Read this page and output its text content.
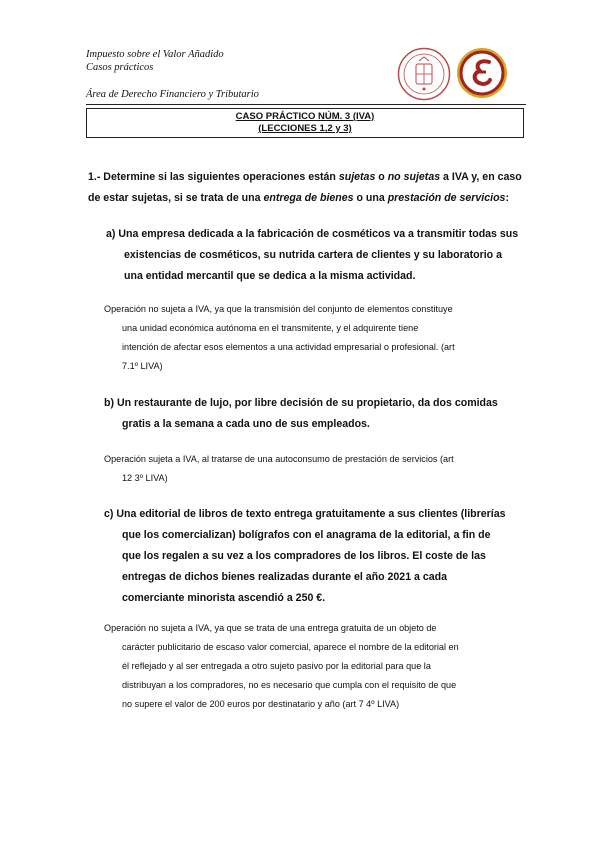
Impuesto sobre el Valor Añadido
Casos prácticos
Área de Derecho Financiero y Tributario
CASO PRÁCTICO NÚM. 3 (IVA)
(LECCIONES 1,2 y 3)
1.- Determine si las siguientes operaciones están sujetas o no sujetas a IVA y, en caso
de estar sujetas, si se trata de una entrega de bienes o una prestación de servicios:
a) Una empresa dedicada a la fabricación de cosméticos va a transmitir todas sus

existencias de cosméticos, su nutrida cartera de clientes y su laboratorio a
una entidad mercantil que se dedica a la misma actividad.
Operación no sujeta a IVA, ya que la transmisión del conjunto de elementos constituye

una unidad económica autónoma en el transmitente, y el adquirente tiene
intención de afectar esos elementos a una actividad empresarial o profesional. (art
7.1º LIVA)
b) Un restaurante de lujo, por libre decisión de su propietario, da dos comidas

gratis a la semana a cada uno de sus empleados.
Operación sujeta a IVA, al tratarse de una autoconsumo de prestación de servicios (art

12 3º LIVA)
c) Una editorial de libros de texto entrega gratuitamente a sus clientes (librerías

que los comercializan) bolígrafos con el anagrama de la editorial, a fin de
que los regalen a su vez a los compradores de los libros. El coste de las
entregas de dichos bienes realizadas durante el año 2021 a cada
comerciante minorista ascendió a 250 €.
Operación no sujeta a IVA, ya que se trata de una entrega gratuita de un objeto de

carácter publicitario de escaso valor comercial, aparece el nombre de la editorial en
él reflejado y al ser entregada a otro sujeto pasivo por la editorial para que la
distribuyan a los compradores, no es necesario que cumpla con el requisito de que
no supere el valor de 200 euros por destinatario y año (art 7 4º LIVA)
